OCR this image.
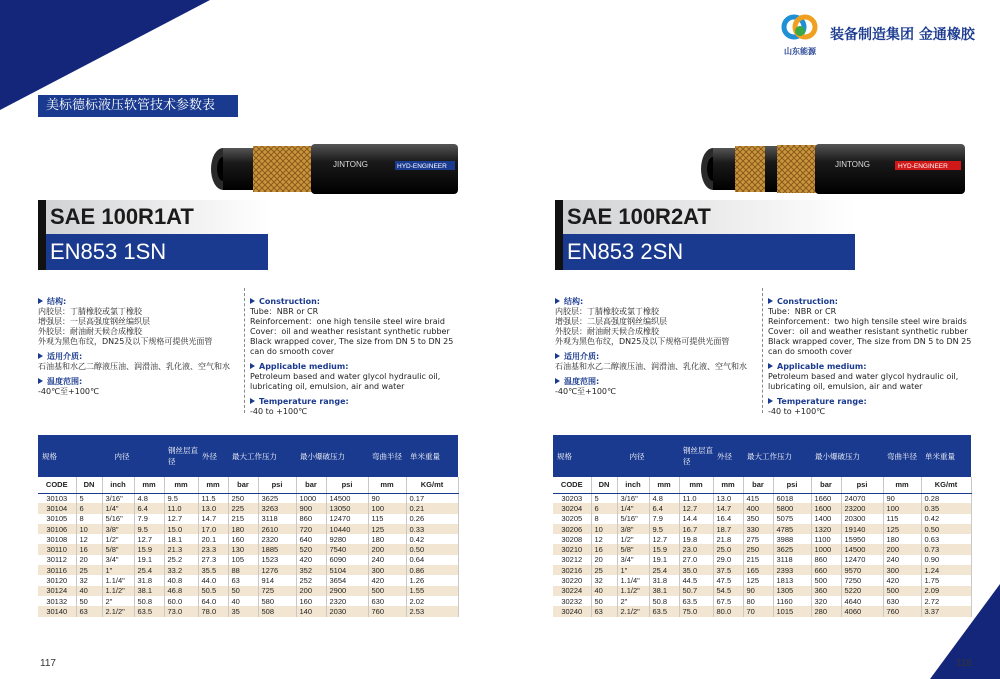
美标德标液压软管技术参数表
山东能源
装备制造集团 金通橡胶
JINTONG	HYD-ENGINEER	JINTONG	HYD-ENGINEER
SAE 100R1AT
EN853 1SN
SAE 100R2AT
EN853 2SN
结构:
内胶层：丁腈橡胶或氯丁橡胶
增强层：一层高强度钢丝编织层
外胶层：耐油耐天候合成橡胶
外观为黑色布纹，DN25及以下规格可提供光面管
适用介质:
石油基和水乙二醇液压油、润滑油、乳化液、空气和水
温度范围:
-40℃至+100℃
Construction:
Tube：NBR or CR
Reinforcement：one high tensile steel wire braid
Cover：oil and weather resistant synthetic rubber
Black wrapped cover, The size from DN 5 to DN 25
can do smooth cover
Applicable medium:
Petroleum based and water glycol hydraulic oil,
lubricating oil, emulsion, air and water
Temperature range:
-40 to +100℃
结构:
内胶层：丁腈橡胶或氯丁橡胶
增强层：二层高强度钢丝编织层
外胶层：耐油耐天候合成橡胶
外观为黑色布纹，DN25及以下规格可提供光面管
适用介质:
石油基和水乙二醇液压油、润滑油、乳化液、空气和水
温度范围:
-40℃至+100℃
Construction:
Tube：NBR or CR
Reinforcement：two high tensile steel wire braids
Cover：oil and weather resistant synthetic rubber
Black wrapped cover, The size from DN 5 to DN 25
can do smooth cover
Applicable medium:
Petroleum based and water glycol hydraulic oil,
lubricating oil, emulsion, air and water
Temperature range:
-40 to +100℃
规格	内径			钢丝层直径	外径	最大工作压力		最小爆破压力		弯曲半径	单米重量
CODE	DN	inch	mm	mm	mm	bar	psi	bar	psi	mm	KG/mt
30103	5	3/16"	4.8	9.5	11.5	250	3625	1000	14500	90	0.17
30104	6	1/4"	6.4	11.0	13.0	225	3263	900	13050	100	0.21
30105	8	5/16"	7.9	12.7	14.7	215	3118	860	12470	115	0.26
30106	10	3/8"	9.5	15.0	17.0	180	2610	720	10440	125	0.33
30108	12	1/2"	12.7	18.1	20.1	160	2320	640	9280	180	0.42
30110	16	5/8"	15.9	21.3	23.3	130	1885	520	7540	200	0.50
30112	20	3/4"	19.1	25.2	27.3	105	1523	420	6090	240	0.64
30116	25	1"	25.4	33.2	35.5	88	1276	352	5104	300	0.86
30120	32	1.1/4"	31.8	40.8	44.0	63	914	252	3654	420	1.26
30124	40	1.1/2"	38.1	46.8	50.5	50	725	200	2900	500	1.55
30132	50	2"	50.8	60.0	64.0	40	580	160	2320	630	2.02
30140	63	2.1/2"	63.5	73.0	78.0	35	508	140	2030	760	2.53
规格	内径			钢丝层直径	外径	最大工作压力		最小爆破压力		弯曲半径	单米重量
CODE	DN	inch	mm	mm	mm	bar	psi	bar	psi	mm	KG/mt
30203	5	3/16"	4.8	11.0	13.0	415	6018	1660	24070	90	0.28
30204	6	1/4"	6.4	12.7	14.7	400	5800	1600	23200	100	0.35
30205	8	5/16"	7.9	14.4	16.4	350	5075	1400	20300	115	0.42
30206	10	3/8"	9.5	16.7	18.7	330	4785	1320	19140	125	0.50
30208	12	1/2"	12.7	19.8	21.8	275	3988	1100	15950	180	0.63
30210	16	5/8"	15.9	23.0	25.0	250	3625	1000	14500	200	0.73
30212	20	3/4"	19.1	27.0	29.0	215	3118	860	12470	240	0.90
30216	25	1"	25.4	35.0	37.5	165	2393	660	9570	300	1.24
30220	32	1.1/4"	31.8	44.5	47.5	125	1813	500	7250	420	1.75
30224	40	1.1/2"	38.1	50.7	54.5	90	1305	360	5220	500	2.09
30232	50	2"	50.8	63.5	67.5	80	1160	320	4640	630	2.72
30240	63	2.1/2"	63.5	75.0	80.0	70	1015	280	4060	760	3.37
117	118
